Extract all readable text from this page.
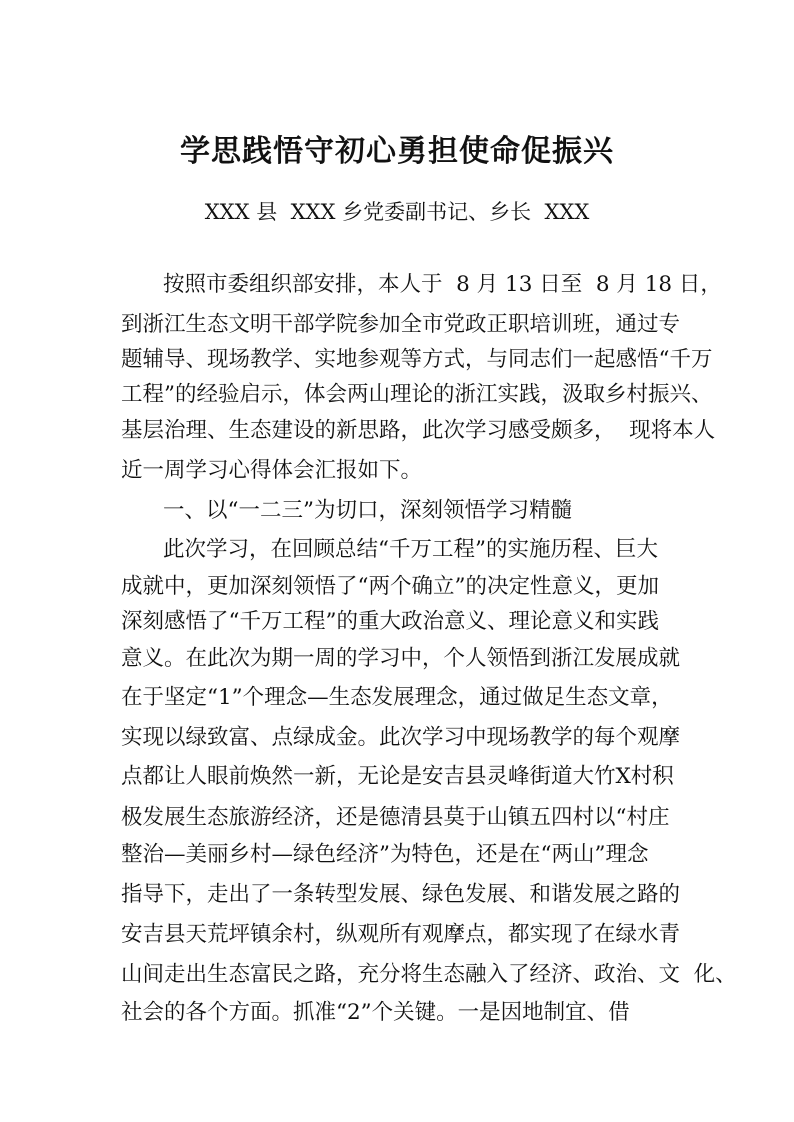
学思践悟守初心勇担使命促振兴
XXX 县  XXX 乡党委副书记、乡长  XXX
按照市委组织部安排，本人于  8 月 13 日至  8 月 18 日，
到浙江生态文明干部学院参加全市党政正职培训班，通过专
题辅导、现场教学、实地参观等方式，与同志们一起感悟“千万
工程”的经验启示，体会两山理论的浙江实践，汲取乡村振兴、
基层治理、生态建设的新思路，此次学习感受颇多，  现将本人
近一周学习心得体会汇报如下。
一、以“一二三”为切口，深刻领悟学习精髓
此次学习，在回顾总结“千万工程”的实施历程、巨大
成就中，更加深刻领悟了“两个确立”的决定性意义，更加
深刻感悟了“千万工程”的重大政治意义、理论意义和实践
意义。在此次为期一周的学习中，个人领悟到浙江发展成就
在于坚定“1”个理念—生态发展理念，通过做足生态文章，
实现以绿致富、点绿成金。此次学习中现场教学的每个观摩
点都让人眼前焕然一新，无论是安吉县灵峰街道大竹X村积
极发展生态旅游经济，还是德清县莫于山镇五四村以“村庄
整治—美丽乡村—绿色经济”为特色，还是在“两山”理念
指导下，走出了一条转型发展、绿色发展、和谐发展之路的
安吉县天荒坪镇余村，纵观所有观摩点，都实现了在绿水青
山间走出生态富民之路，充分将生态融入了经济、政治、文  化、
社会的各个方面。抓准“2”个关键。一是因地制宜、借
